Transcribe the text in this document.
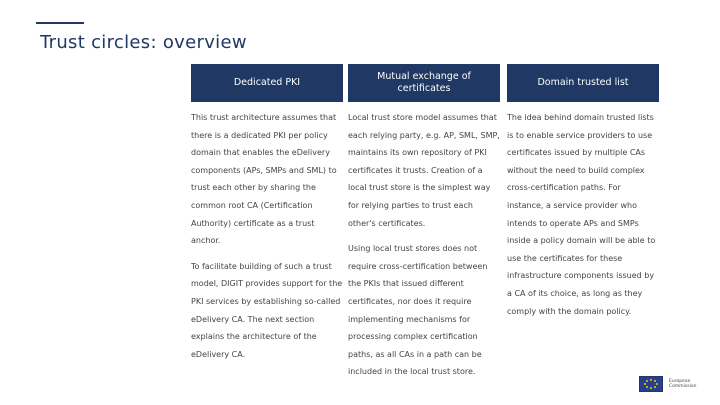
Trust circles: overview
Dedicated PKI

This trust architecture assumes that there is a dedicated PKI per policy domain that enables the eDelivery components (APs, SMPs and SML) to trust each other by sharing the common root CA (Certification Authority) certificate as a trust anchor.

To facilitate building of such a trust model, DIGIT provides support for the PKI services by establishing so-called eDelivery CA. The next section explains the architecture of the eDelivery CA.

Mutual exchange of certificates

Local trust store model assumes that each relying party, e.g. AP, SML, SMP, maintains its own repository of PKI certificates it trusts. Creation of a local trust store is the simplest way for relying parties to trust each other's certificates.

Using local trust stores does not require cross-certification between the PKIs that issued different certificates, nor does it require implementing mechanisms for processing complex certification paths, as all CAs in a path can be included in the local trust store.

Domain trusted list

The idea behind domain trusted lists is to enable service providers to use certificates issued by multiple CAs without the need to build complex cross-certification paths. For instance, a service provider who intends to operate APs and SMPs inside a policy domain will be able to use the certificates for these infrastructure components issued by a CA of its choice, as long as they comply with the domain policy.

European
Commission
